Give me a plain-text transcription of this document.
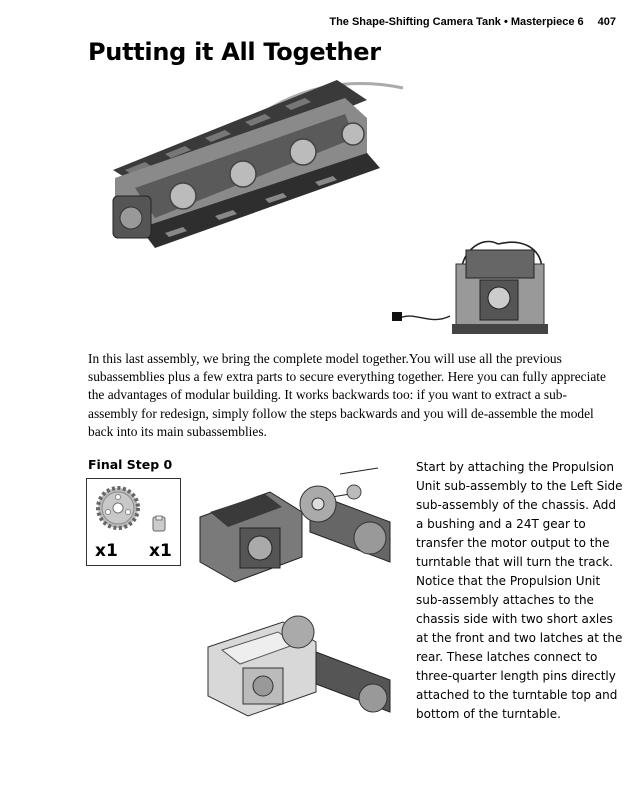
The Shape-Shifting Camera Tank • Masterpiece 6 407
Putting it All Together

In this last assembly, we bring the complete model together.You will use all the previous subassemblies plus a few extra parts to secure everything together. Here you can fully appreciate the advantages of modular building. It works backwards too: if you want to extract a sub-assembly for redesign, simply follow the steps backwards and you will de-assemble the model back into its main subassemblies.

Final Step 0
x1 x1

Start by attaching the Propulsion Unit sub-assembly to the Left Side sub-assembly of the chassis. Add a bushing and a 24T gear to transfer the motor output to the turntable that will turn the track. Notice that the Propulsion Unit sub-assembly attaches to the chassis side with two short axles at the front and two latches at the rear. These latches connect to three-quarter length pins directly attached to the turntable top and bottom of the turntable.
